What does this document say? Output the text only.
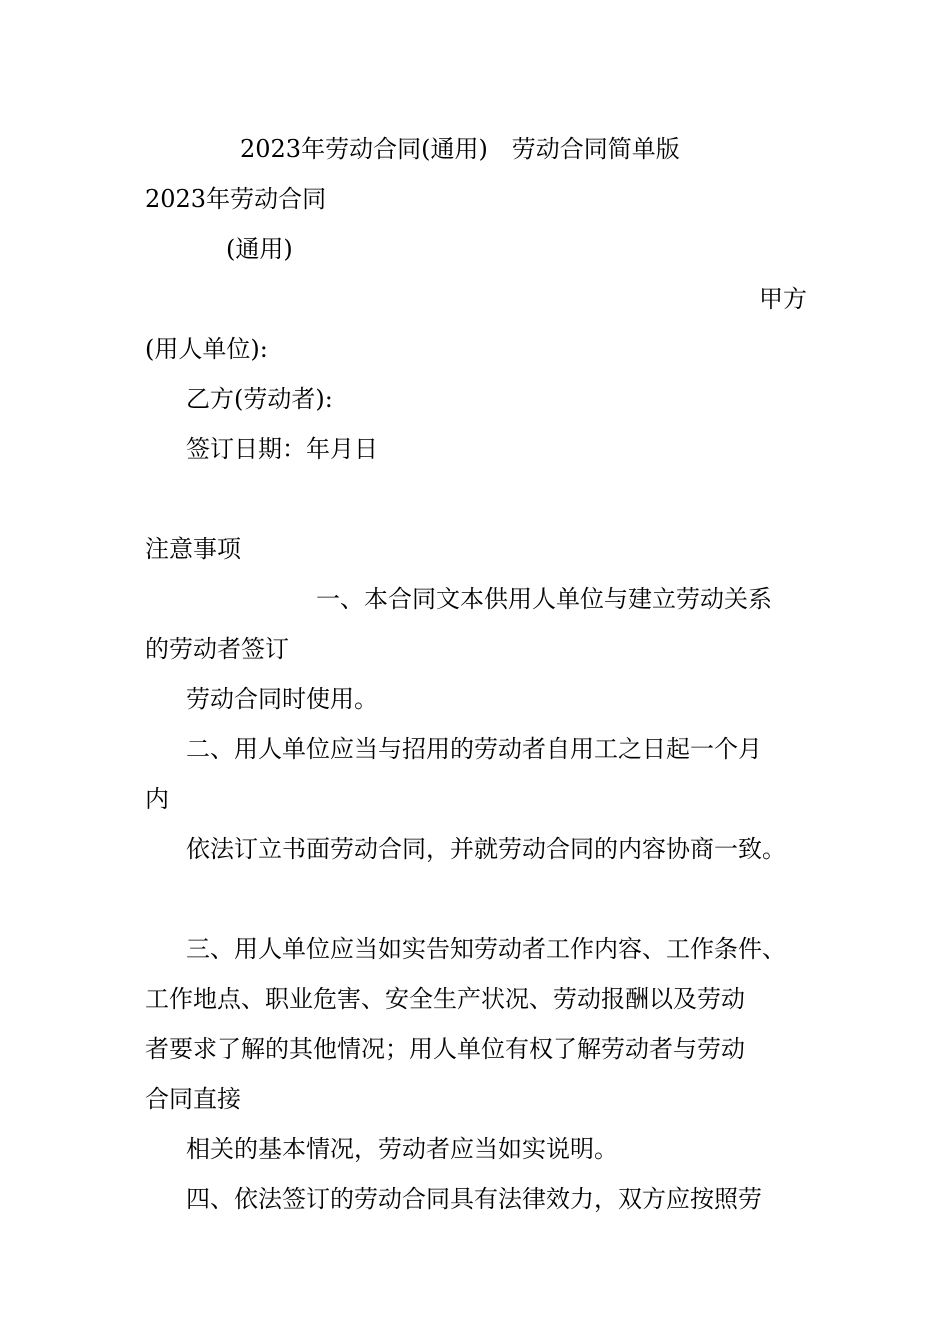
2023年劳动合同(通用)　劳动合同简单版

2023年劳动合同

(通用)

甲方

(用人单位):

乙方(劳动者):

签订日期：年月日

注意事项

一、本合同文本供用人单位与建立劳动关系

的劳动者签订

劳动合同时使用。

二、用人单位应当与招用的劳动者自用工之日起一个月

内

依法订立书面劳动合同，并就劳动合同的内容协商一致。

三、用人单位应当如实告知劳动者工作内容、工作条件、

工作地点、职业危害、安全生产状况、劳动报酬以及劳动

者要求了解的其他情况；用人单位有权了解劳动者与劳动

合同直接

相关的基本情况，劳动者应当如实说明。

四、依法签订的劳动合同具有法律效力，双方应按照劳
